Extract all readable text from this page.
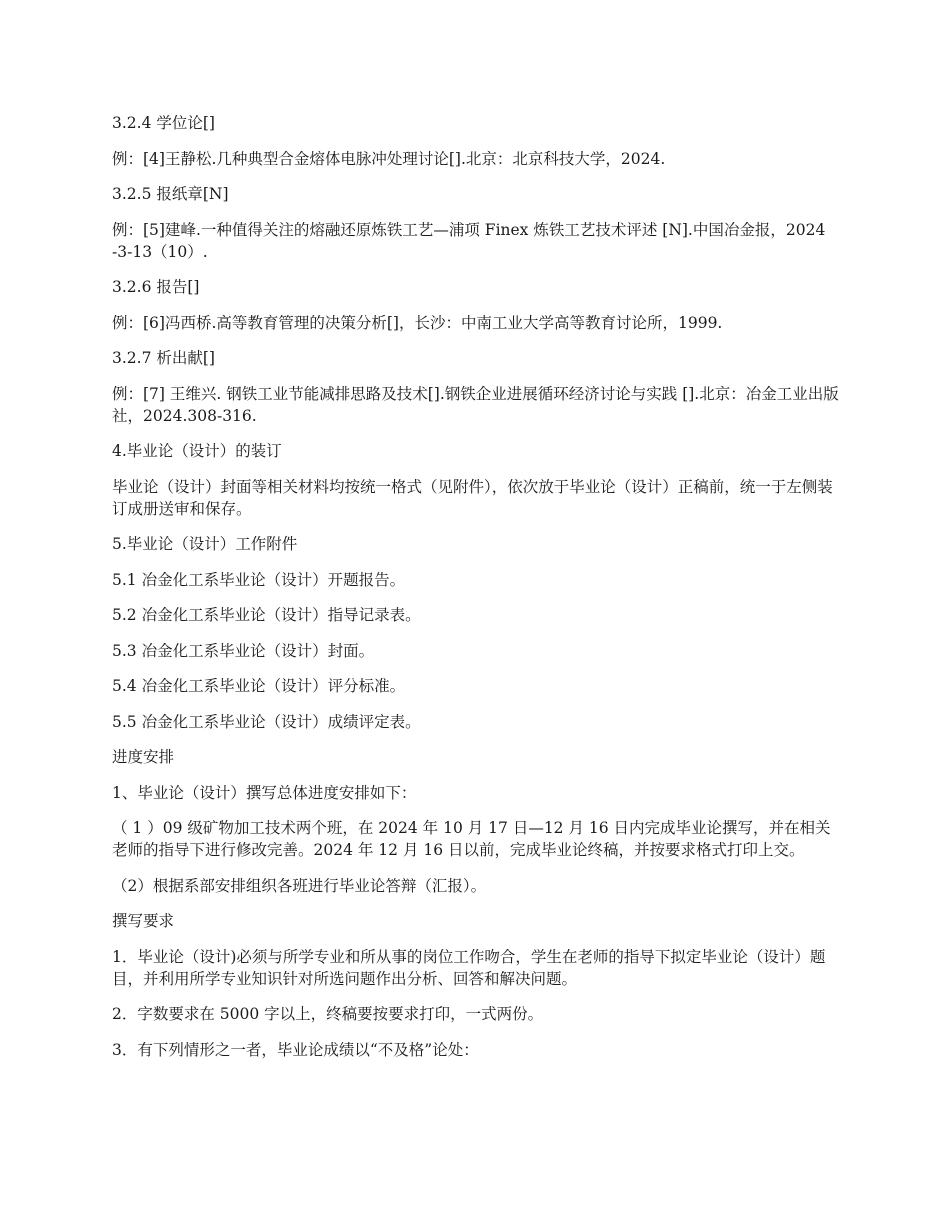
3.2.4 学位论[]

例：[4]王静松.几种典型合金熔体电脉冲处理讨论[].北京：北京科技大学，2024.

3.2.5 报纸章[N]

例：[5]建峰.一种值得关注的熔融还原炼铁工艺—浦项 Finex 炼铁工艺技术评述 [N].中国冶金报，2024 -3-13（10）.

3.2.6 报告[]

例：[6]冯西桥.高等教育管理的决策分析[]，长沙：中南工业大学高等教育讨论所，1999.

3.2.7 析出献[]

例：[7] 王维兴. 钢铁工业节能减排思路及技术[].钢铁企业进展循环经济讨论与实践 [].北京：冶金工业出版社，2024.308-316.

4.毕业论（设计）的装订

毕业论（设计）封面等相关材料均按统一格式（见附件），依次放于毕业论（设计）正稿前，统一于左侧装订成册送审和保存。

5.毕业论（设计）工作附件

5.1 冶金化工系毕业论（设计）开题报告。

5.2 冶金化工系毕业论（设计）指导记录表。

5.3 冶金化工系毕业论（设计）封面。

5.4 冶金化工系毕业论（设计）评分标准。

5.5 冶金化工系毕业论（设计）成绩评定表。

进度安排

1、毕业论（设计）撰写总体进度安排如下：

（ 1 ）09 级矿物加工技术两个班，在 2024 年 10 月 17 日—12 月 16 日内完成毕业论撰写，并在相关老师的指导下进行修改完善。2024 年 12 月 16 日以前，完成毕业论终稿，并按要求格式打印上交。

（2）根据系部安排组织各班进行毕业论答辩（汇报）。

撰写要求

1．毕业论（设计)必须与所学专业和所从事的岗位工作吻合，学生在老师的指导下拟定毕业论（设计）题目，并利用所学专业知识针对所选问题作出分析、回答和解决问题。

2．字数要求在 5000 字以上，终稿要按要求打印，一式两份。

3．有下列情形之一者，毕业论成绩以“不及格”论处：
